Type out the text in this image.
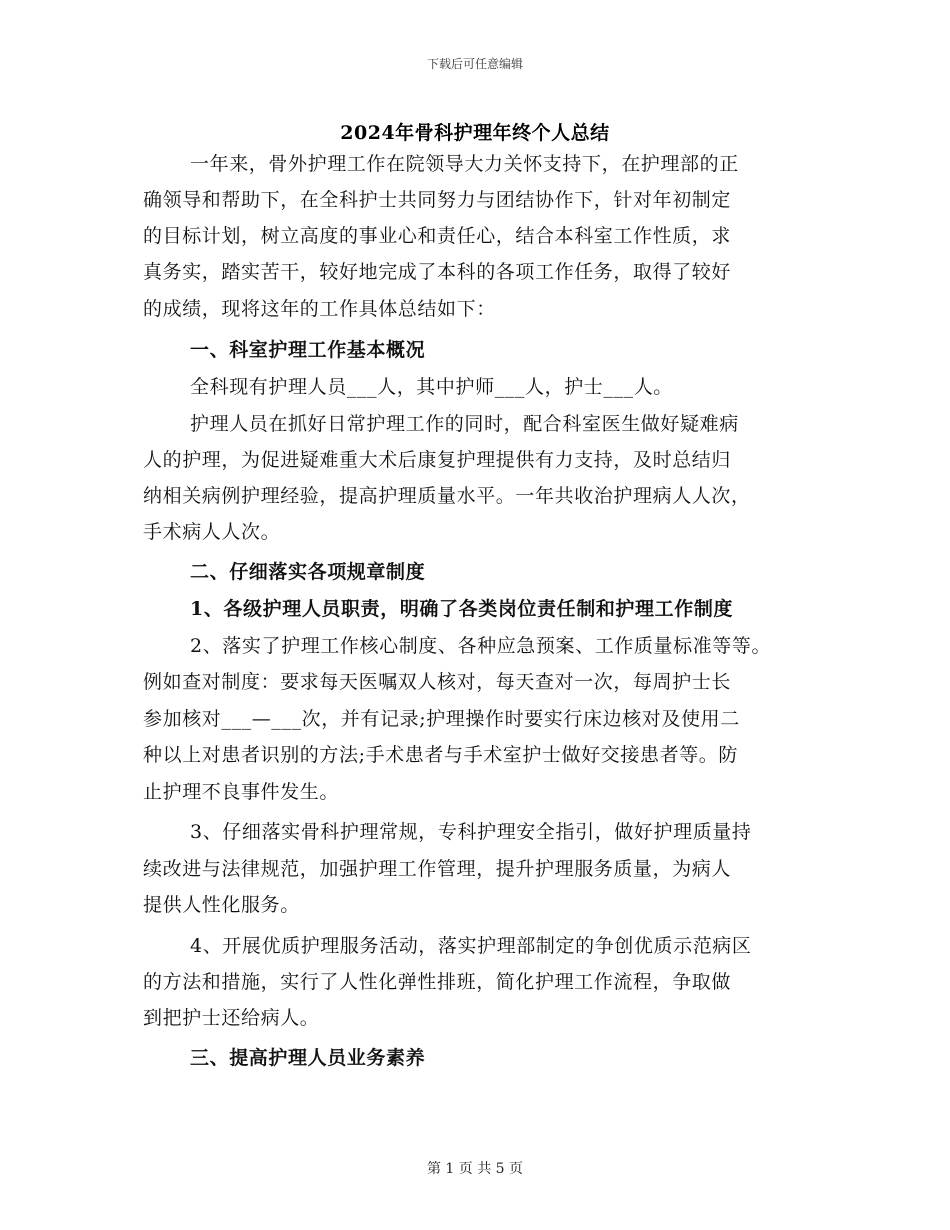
下载后可任意编辑
2024年骨科护理年终个人总结
一年来，骨外护理工作在院领导大力关怀支持下，在护理部的正
确领导和帮助下，在全科护士共同努力与团结协作下，针对年初制定
的目标计划，树立高度的事业心和责任心，结合本科室工作性质，求
真务实，踏实苦干，较好地完成了本科的各项工作任务，取得了较好
的成绩，现将这年的工作具体总结如下：
一、科室护理工作基本概况
全科现有护理人员___人，其中护师___人，护士___人。
护理人员在抓好日常护理工作的同时，配合科室医生做好疑难病
人的护理，为促进疑难重大术后康复护理提供有力支持，及时总结归
纳相关病例护理经验，提高护理质量水平。一年共收治护理病人人次，
手术病人人次。
二、仔细落实各项规章制度
1、各级护理人员职责，明确了各类岗位责任制和护理工作制度
2、落实了护理工作核心制度、各种应急预案、工作质量标准等等。
例如查对制度：要求每天医嘱双人核对，每天查对一次，每周护士长
参加核对___—___次，并有记录;护理操作时要实行床边核对及使用二
种以上对患者识别的方法;手术患者与手术室护士做好交接患者等。防
止护理不良事件发生。
3、仔细落实骨科护理常规，专科护理安全指引，做好护理质量持
续改进与法律规范，加强护理工作管理，提升护理服务质量，为病人
提供人性化服务。
4、开展优质护理服务活动，落实护理部制定的争创优质示范病区
的方法和措施，实行了人性化弹性排班，简化护理工作流程，争取做
到把护士还给病人。
三、提高护理人员业务素养
第 1 页 共 5 页
